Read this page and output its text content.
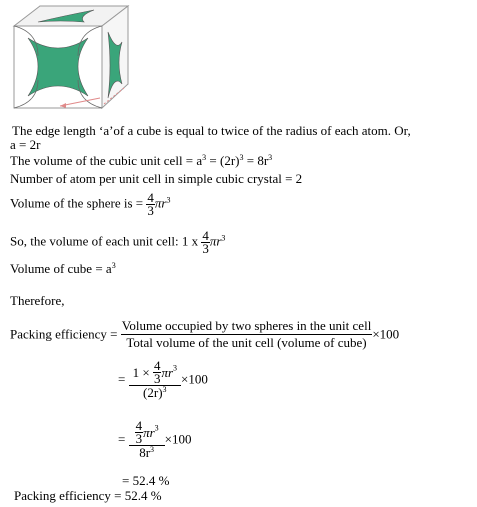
The edge length ‘a’of a cube is equal to twice of the radius of each atom. Or,
a = 2r
The volume of the cubic unit cell = $a^3 = (2r)^3 = 8r^3$
Number of atom per unit cell in simple cubic crystal = 2
Volume of the sphere is = $\frac{4}{3} \pi r^3$
So, the volume of each unit cell: 1 x $\frac{4}{3} \pi r^3$
Volume of cube = $a^3$
Therefore,
Packing efficiency = $\frac{\text{Volume occupied by two spheres in the unit cell}}{\text{Total volume of the unit cell (volume of cube)}} \times 100$
= $\frac{1 \times \frac{4}{3} \pi r^3}{(2r)^3} \times 100$
= $\frac{\frac{4}{3} \pi r^3}{8r^3} \times 100$
= 52.4 %
Packing efficiency = 52.4 %
